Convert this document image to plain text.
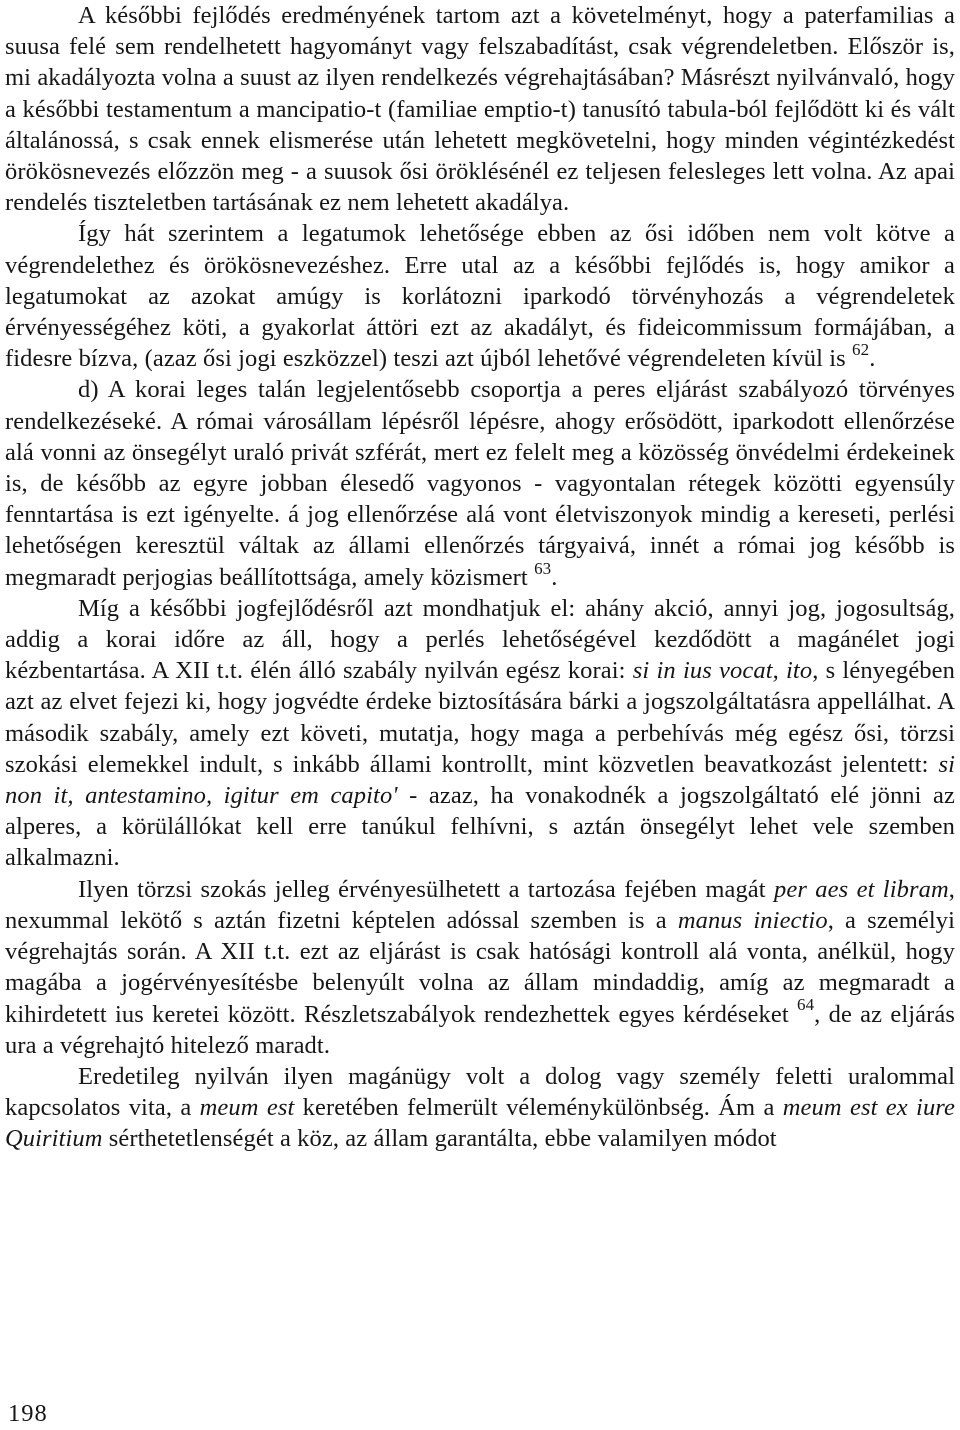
A későbbi fejlődés eredményének tartom azt a követelményt, hogy a paterfamilias a suusa felé sem rendelhetett hagyományt vagy felszabadítást, csak végrendeletben. Először is, mi akadályozta volna a suust az ilyen rendelkezés végrehajtásában? Másrészt nyilvánvaló, hogy a későbbi testamentum a mancipatio-t (familiae emptio-t) tanusító tabula-ból fejlődött ki és vált általánossá, s csak ennek elismerése után lehetett megkövetelni, hogy minden végintézkedést örökösnevezés előzzön meg - a suusok ősi öröklésénél ez teljesen felesleges lett volna. Az apai rendelés tiszteletben tartásának ez nem lehetett akadálya.

Így hát szerintem a legatumok lehetősége ebben az ősi időben nem volt kötve a végrendelethez és örökösnevezéshez. Erre utal az a későbbi fejlődés is, hogy amikor a legatumokat az azokat amúgy is korlátozni iparkodó törvényhozás a végrendeletek érvényességéhez köti, a gyakorlat áttöri ezt az akadályt, és fideicommissum formájában, a fidesre bízva, (azaz ősi jogi eszközzel) teszi azt újból lehetővé végrendeleten kívül is $^{62}$.

d) A korai leges talán legjelentősebb csoportja a peres eljárást szabályozó törvényes rendelkezéseké. A római városállam lépésről lépésre, ahogy erősödött, iparkodott ellenőrzése alá vonni az önsegélyt uraló privát szférát, mert ez felelt meg a közösség önvédelmi érdekeinek is, de később az egyre jobban élesedő vagyonos - vagyontalan rétegek közötti egyensúly fenntartása is ezt igényelte. á jog ellenőrzése alá vont életviszonyok mindig a kereseti, perlési lehetőségen keresztül váltak az állami ellenőrzés tárgyaivá, innét a római jog később is megmaradt perjogias beállítottsága, amely közismert $^{63}$.

Míg a későbbi jogfejlődésről azt mondhatjuk el: ahány akció, annyi jog, jogosultság, addig a korai időre az áll, hogy a perlés lehetőségével kezdődött a magánélet jogi kézbentartása. A XII t.t. élén álló szabály nyilván egész korai: si in ius vocat, ito, s lényegében azt az elvet fejezi ki, hogy jogvédte érdeke biztosítására bárki a jogszolgáltatásra appellálhat. A második szabály, amely ezt követi, mutatja, hogy maga a perbehívás még egész ősi, törzsi szokási elemekkel indult, s inkább állami kontrollt, mint közvetlen beavatkozást jelentett: si non it, antestamino, igitur em capito' - azaz, ha vonakodnék a jogszolgáltató elé jönni az alperes, a körülállókat kell erre tanúkul felhívni, s aztán önsegélyt lehet vele szemben alkalmazni.

Ilyen törzsi szokás jelleg érvényesülhetett a tartozása fejében magát per aes et libram, nexummal lekötő s aztán fizetni képtelen adóssal szemben is a manus iniectio, a személyi végrehajtás során. A XII t.t. ezt az eljárást is csak hatósági kontroll alá vonta, anélkül, hogy magába a jogérvényesítésbe belenyúlt volna az állam mindaddig, amíg az megmaradt a kihirdetett ius keretei között. Részletszabályok rendezhettek egyes kérdéseket $^{64}$, de az eljárás ura a végrehajtó hitelező maradt.

Eredetileg nyilván ilyen magánügy volt a dolog vagy személy feletti uralommal kapcsolatos vita, a meum est keretében felmerült véleménykülönbség. Ám a meum est ex iure Quiritium sérthetetlenségét a köz, az állam garantálta, ebbe valamilyen módot

198
